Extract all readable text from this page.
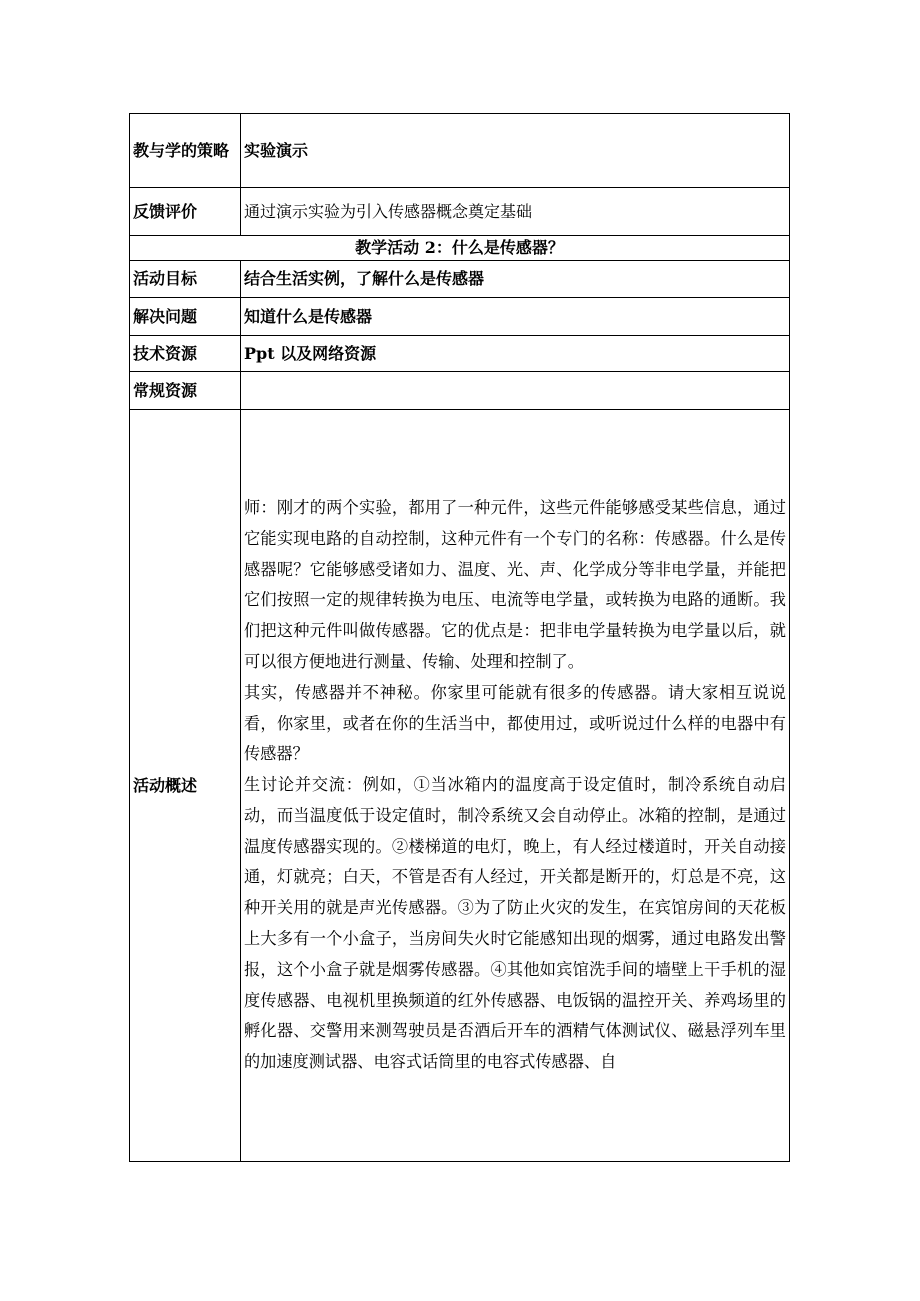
教与学的策略	实验演示
反馈评价	通过演示实验为引入传感器概念奠定基础
教学活动 2：什么是传感器？	
活动目标	结合生活实例，了解什么是传感器
解决问题	知道什么是传感器
技术资源	Ppt 以及网络资源
常规资源	
活动概述	师：刚才的两个实验，都用了一种元件，这些元件能够感受某些信息，通过它能实现电路的自动控制，这种元件有一个专门的名称：传感器。什么是传感器呢？它能够感受诸如力、温度、光、声、化学成分等非电学量，并能把它们按照一定的规律转换为电压、电流等电学量，或转换为电路的通断。我们把这种元件叫做传感器。它的优点是：把非电学量转换为电学量以后，就可以很方便地进行测量、传输、处理和控制了。

其实，传感器并不神秘。你家里可能就有很多的传感器。请大家相互说说看，你家里，或者在你的生活当中，都使用过，或听说过什么样的电器中有传感器？

生讨论并交流：例如，①当冰箱内的温度高于设定值时，制冷系统自动启动，而当温度低于设定值时，制冷系统又会自动停止。冰箱的控制，是通过温度传感器实现的。②楼梯道的电灯，晚上，有人经过楼道时，开关自动接通，灯就亮；白天，不管是否有人经过，开关都是断开的，灯总是不亮，这种开关用的就是声光传感器。③为了防止火灾的发生，在宾馆房间的天花板上大多有一个小盒子，当房间失火时它能感知出现的烟雾，通过电路发出警报，这个小盒子就是烟雾传感器。④其他如宾馆洗手间的墙壁上干手机的湿度传感器、电视机里换频道的红外传感器、电饭锅的温控开关、养鸡场里的孵化器、交警用来测驾驶员是否酒后开车的酒精气体测试仪、磁悬浮列车里的加速度测试器、电容式话筒里的电容式传感器、自
